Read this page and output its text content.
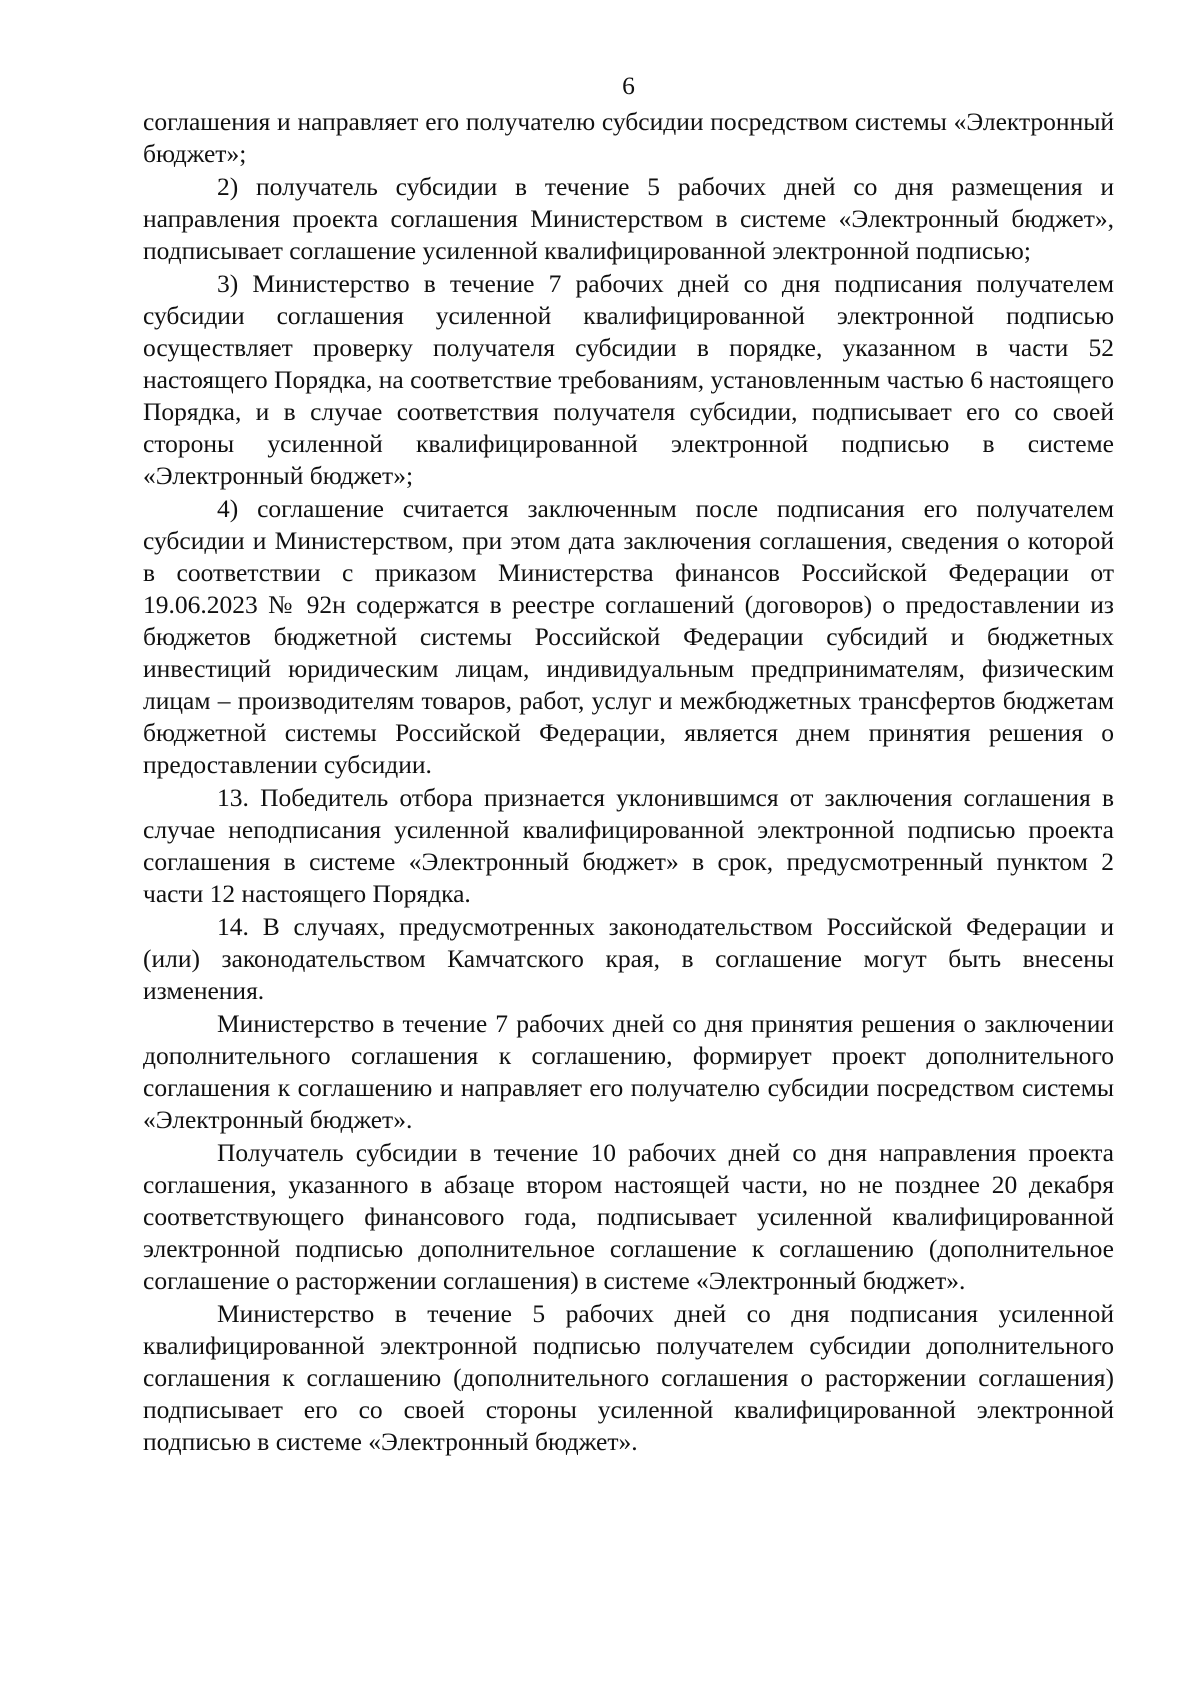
6

соглашения и направляет его получателю субсидии посредством системы «Электронный бюджет»;

2) получатель субсидии в течение 5 рабочих дней со дня размещения и направления проекта соглашения Министерством в системе «Электронный бюджет», подписывает соглашение усиленной квалифицированной электронной подписью;

3) Министерство в течение 7 рабочих дней со дня подписания получателем субсидии соглашения усиленной квалифицированной электронной подписью осуществляет проверку получателя субсидии в порядке, указанном в части 52 настоящего Порядка, на соответствие требованиям, установленным частью 6 настоящего Порядка, и в случае соответствия получателя субсидии, подписывает его со своей стороны усиленной квалифицированной электронной подписью в системе «Электронный бюджет»;

4) соглашение считается заключенным после подписания его получателем субсидии и Министерством, при этом дата заключения соглашения, сведения о которой в соответствии с приказом Министерства финансов Российской Федерации от 19.06.2023 № 92н содержатся в реестре соглашений (договоров) о предоставлении из бюджетов бюджетной системы Российской Федерации субсидий и бюджетных инвестиций юридическим лицам, индивидуальным предпринимателям, физическим лицам – производителям товаров, работ, услуг и межбюджетных трансфертов бюджетам бюджетной системы Российской Федерации, является днем принятия решения о предоставлении субсидии.

13. Победитель отбора признается уклонившимся от заключения соглашения в случае неподписания усиленной квалифицированной электронной подписью проекта соглашения в системе «Электронный бюджет» в срок, предусмотренный пунктом 2 части 12 настоящего Порядка.

14. В случаях, предусмотренных законодательством Российской Федерации и (или) законодательством Камчатского края, в соглашение могут быть внесены изменения.

Министерство в течение 7 рабочих дней со дня принятия решения о заключении дополнительного соглашения к соглашению, формирует проект дополнительного соглашения к соглашению и направляет его получателю субсидии посредством системы «Электронный бюджет».

Получатель субсидии в течение 10 рабочих дней со дня направления проекта соглашения, указанного в абзаце втором настоящей части, но не позднее 20 декабря соответствующего финансового года, подписывает усиленной квалифицированной электронной подписью дополнительное соглашение к соглашению (дополнительное соглашение о расторжении соглашения) в системе «Электронный бюджет».

Министерство в течение 5 рабочих дней со дня подписания усиленной квалифицированной электронной подписью получателем субсидии дополнительного соглашения к соглашению (дополнительного соглашения о расторжении соглашения) подписывает его со своей стороны усиленной квалифицированной электронной подписью в системе «Электронный бюджет».
